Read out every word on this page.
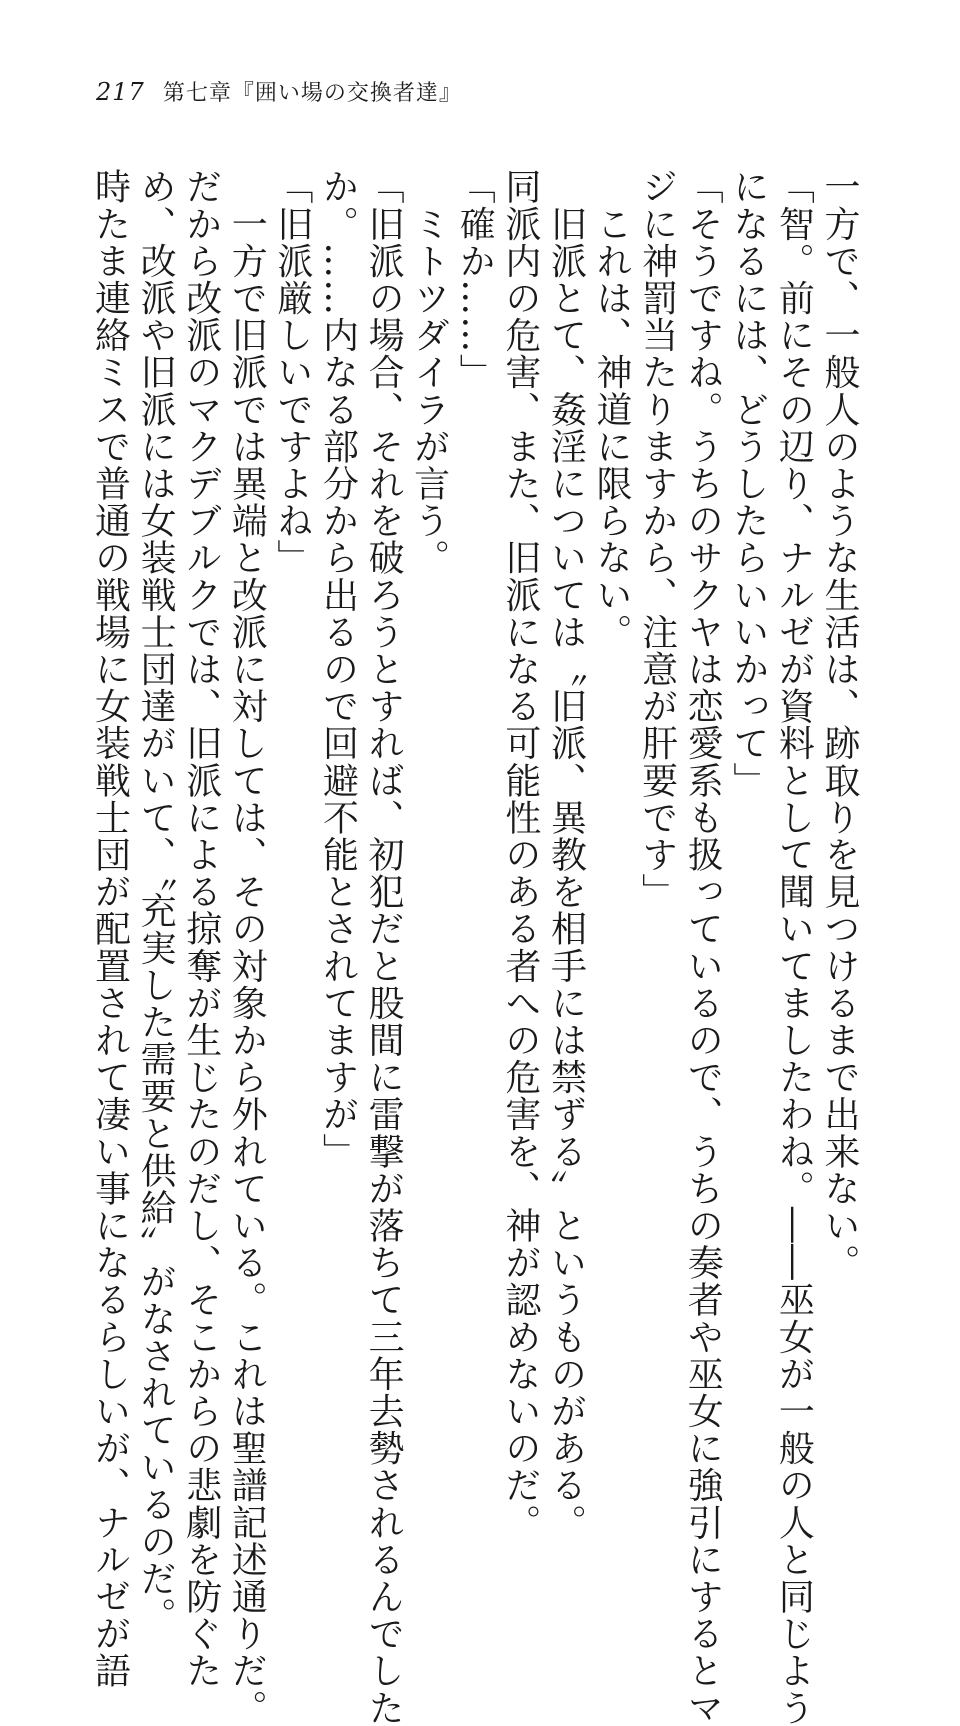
217 第七章『囲い場の交換者達』
一方で、一般人のような生活は、跡取りを見つけるまで出来ない。
「智。前にその辺り、ナルゼが資料として聞いてましたわね。――巫女が一般の人と同じよう
になるには、どうしたらいいかって」
「そうですね。うちのサクヤは恋愛系も扱っているので、うちの奏者や巫女に強引にするとマ
ジに神罰当たりますから、注意が肝要です」
　これは、神道に限らない。
　旧派とて、姦淫については〝旧派、異教を相手には禁ずる〟というものがある。
同派内の危害、また、旧派になる可能性のある者への危害を、神が認めないのだ。
「確か……」
　ミトツダイラが言う。
「旧派の場合、それを破ろうとすれば、初犯だと股間に雷撃が落ちて三年去勢されるんでした
か。……内なる部分から出るので回避不能とされてますが」
「旧派厳しいですよね」
　一方で旧派では異端と改派に対しては、その対象から外れている。これは聖譜記述通りだ。
だから改派のマクデブルクでは、旧派による掠奪が生じたのだし、そこからの悲劇を防ぐた
め、改派や旧派には女装戦士団達がいて、〝充実した需要と供給〟がなされているのだ。
時たま連絡ミスで普通の戦場に女装戦士団が配置されて凄い事になるらしいが、ナルゼが語
